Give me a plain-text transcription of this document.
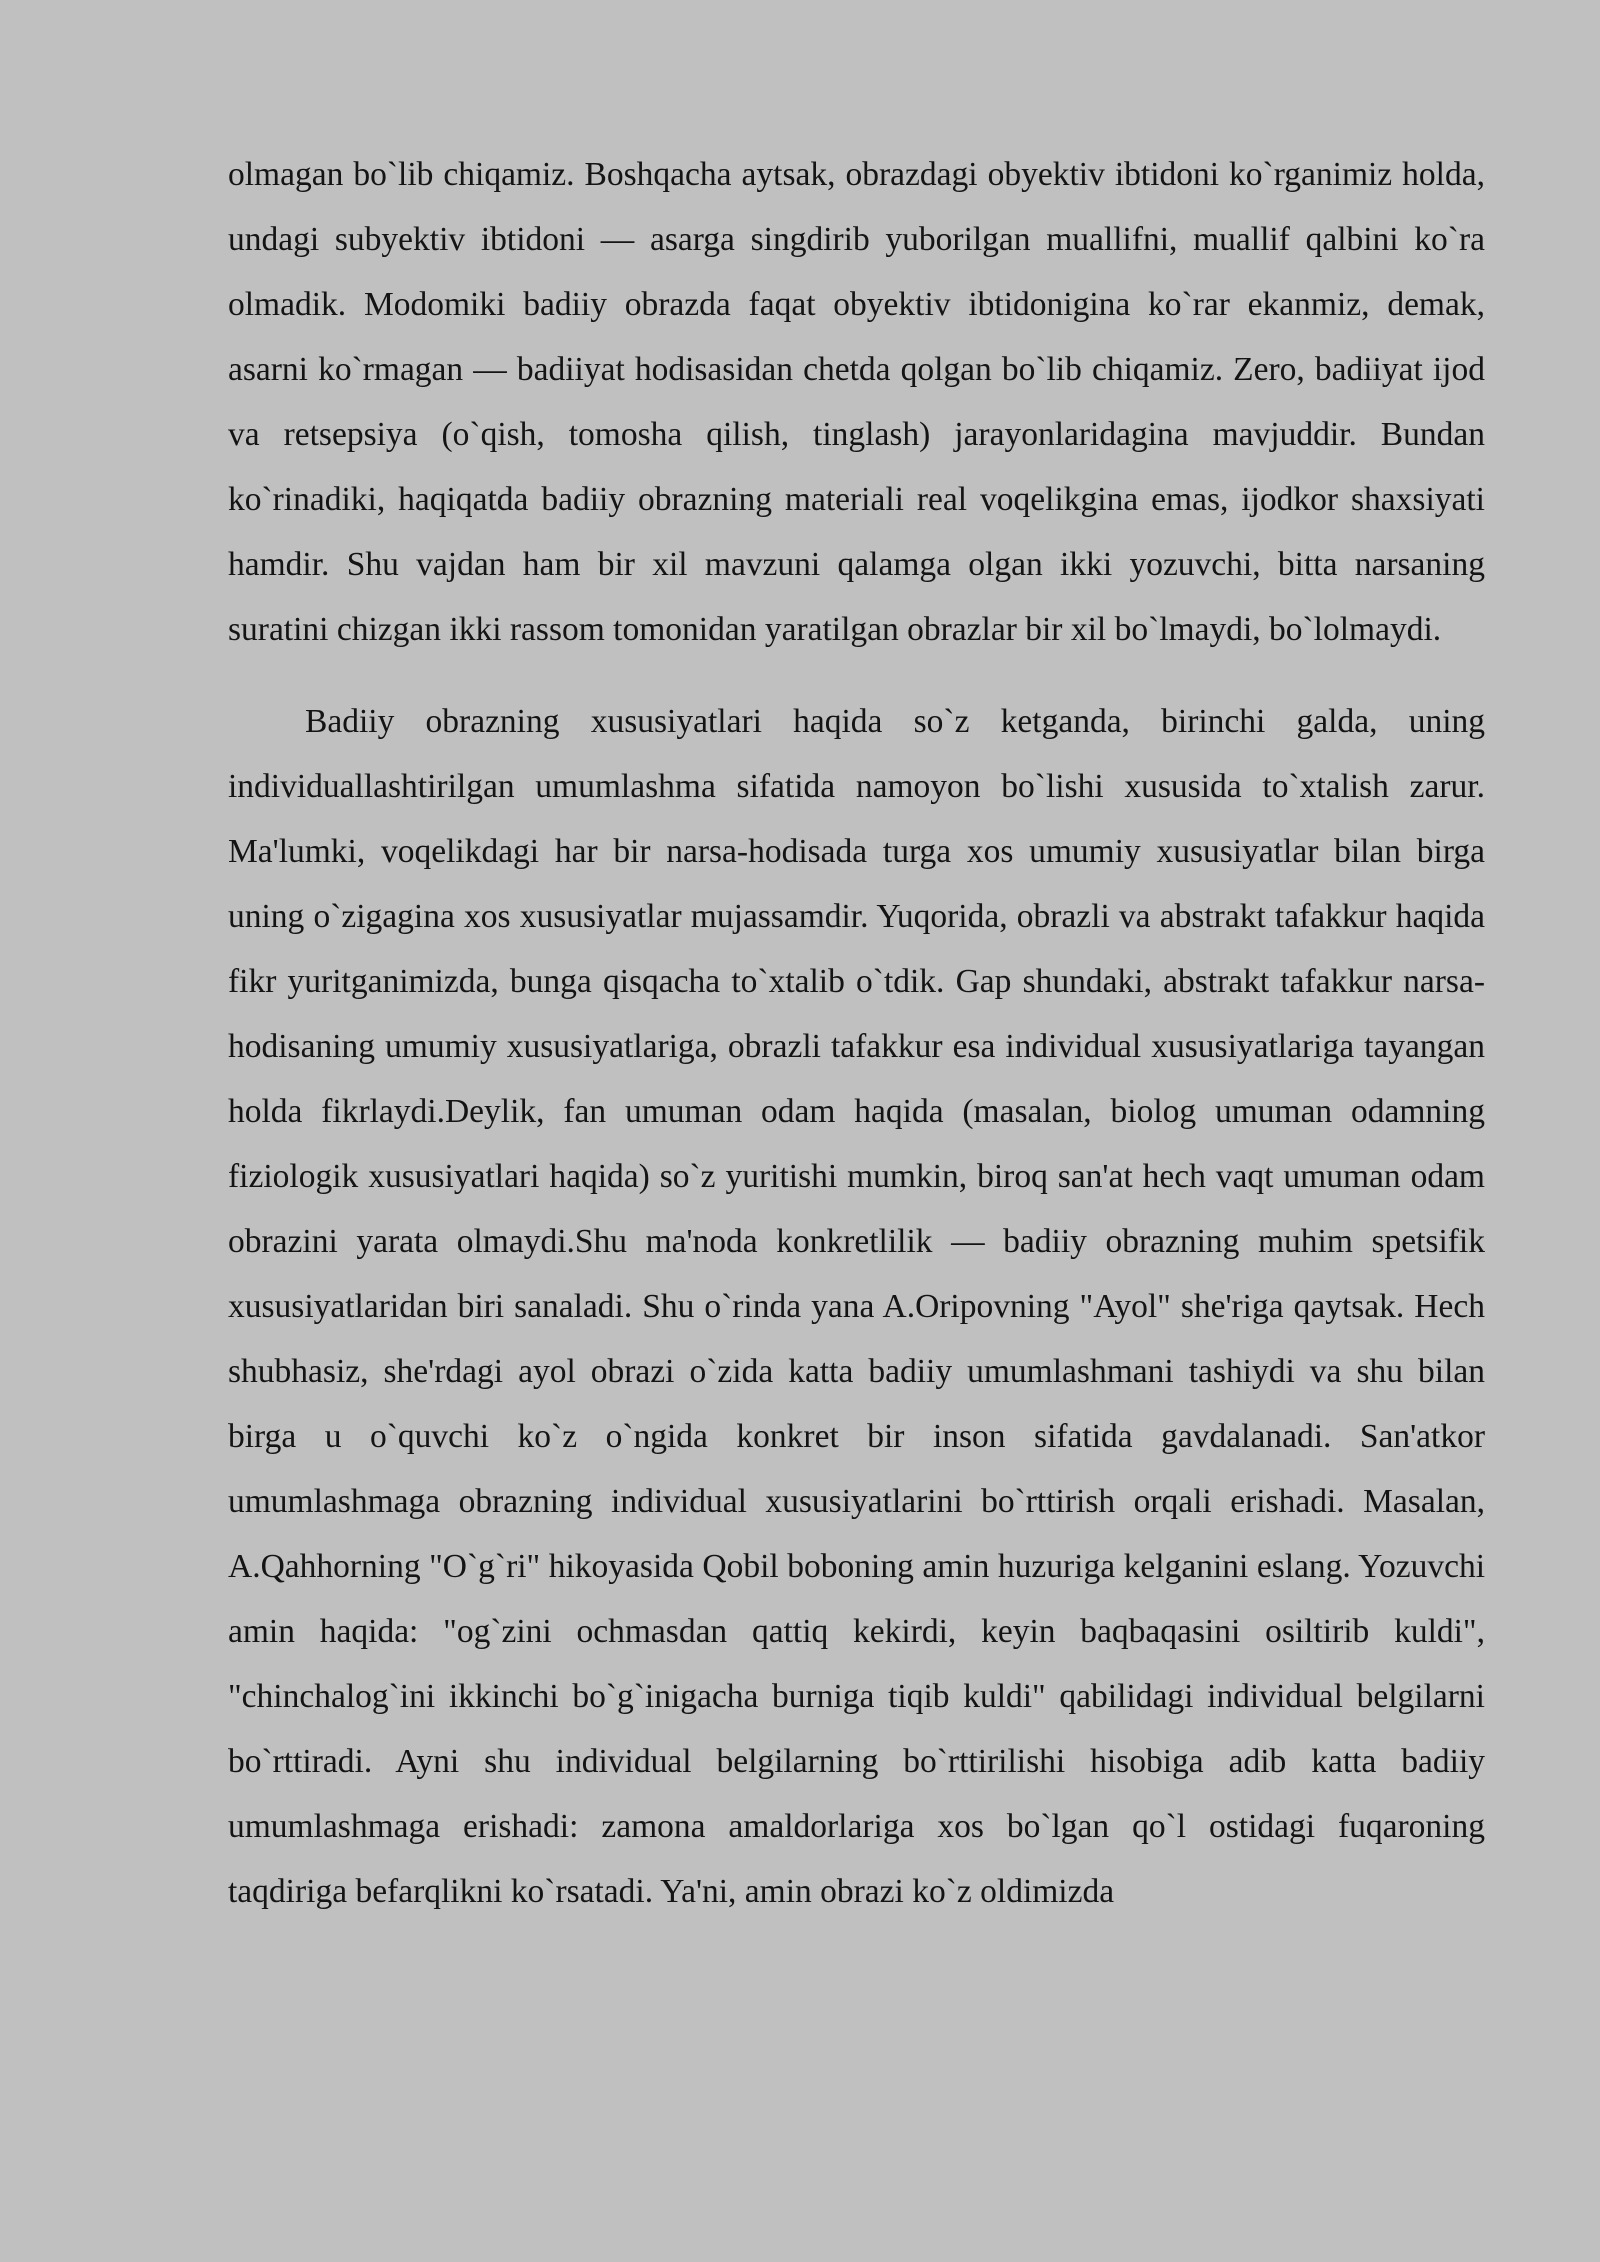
olmagan bo`lib chiqamiz. Boshqacha aytsak, obrazdagi obyektiv ibtidoni ko`rganimiz holda, undagi subyektiv ibtidoni — asarga singdirib yuborilgan muallifni, muallif qalbini ko`ra olmadik. Modomiki badiiy obrazda faqat obyektiv ibtidonigina ko`rar ekanmiz, demak, asarni ko`rmagan — badiiyat hodisasidan chetda qolgan bo`lib chiqamiz. Zero, badiiyat ijod va retsepsiya (o`qish, tomosha qilish, tinglash) jarayonlaridagina mavjuddir. Bundan ko`rinadiki, haqiqatda badiiy obrazning materiali real voqelikgina emas, ijodkor shaxsiyati hamdir. Shu vajdan ham bir xil mavzuni qalamga olgan ikki yozuvchi, bitta narsaning suratini chizgan ikki rassom tomonidan yaratilgan obrazlar bir xil bo`lmaydi, bo`lolmaydi.

Badiiy obrazning xususiyatlari haqida so`z ketganda, birinchi galda, uning individuallashtirilgan umumlashma sifatida namoyon bo`lishi xususida to`xtalish zarur. Ma'lumki, voqelikdagi har bir narsa-hodisada turga xos umumiy xususiyatlar bilan birga uning o`zigagina xos xususiyatlar mujassamdir. Yuqorida, obrazli va abstrakt tafakkur haqida fikr yuritganimizda, bunga qisqacha to`xtalib o`tdik. Gap shundaki, abstrakt tafakkur narsa-hodisaning umumiy xususiyatlariga, obrazli tafakkur esa individual xususiyatlariga tayangan holda fikrlaydi.Deylik, fan umuman odam haqida (masalan, biolog umuman odamning fiziologik xususiyatlari haqida) so`z yuritishi mumkin, biroq san'at hech vaqt umuman odam obrazini yarata olmaydi.Shu ma'noda konkretlilik — badiiy obrazning muhim spetsifik xususiyatlaridan biri sanaladi. Shu o`rinda yana A.Oripovning "Ayol" she'riga qaytsak. Hech shubhasiz, she'rdagi ayol obrazi o`zida katta badiiy umumlashmani tashiydi va shu bilan birga u o`quvchi ko`z o`ngida konkret bir inson sifatida gavdalanadi. San'atkor umumlashmaga obrazning individual xususiyatlarini bo`rttirish orqali erishadi. Masalan, A.Qahhorning "O`g`ri" hikoyasida Qobil boboning amin huzuriga kelganini eslang. Yozuvchi amin haqida: "og`zini ochmasdan qattiq kekirdi, keyin baqbaqasini osiltirib kuldi", "chinchalog`ini ikkinchi bo`g`inigacha burniga tiqib kuldi" qabilidagi individual belgilarni bo`rttiradi. Ayni shu individual belgilarning bo`rttirilishi hisobiga adib katta badiiy umumlashmaga erishadi: zamona amaldorlariga xos bo`lgan qo`l ostidagi fuqaroning taqdiriga befarqlikni ko`rsatadi. Ya'ni, amin obrazi ko`z oldimizda
